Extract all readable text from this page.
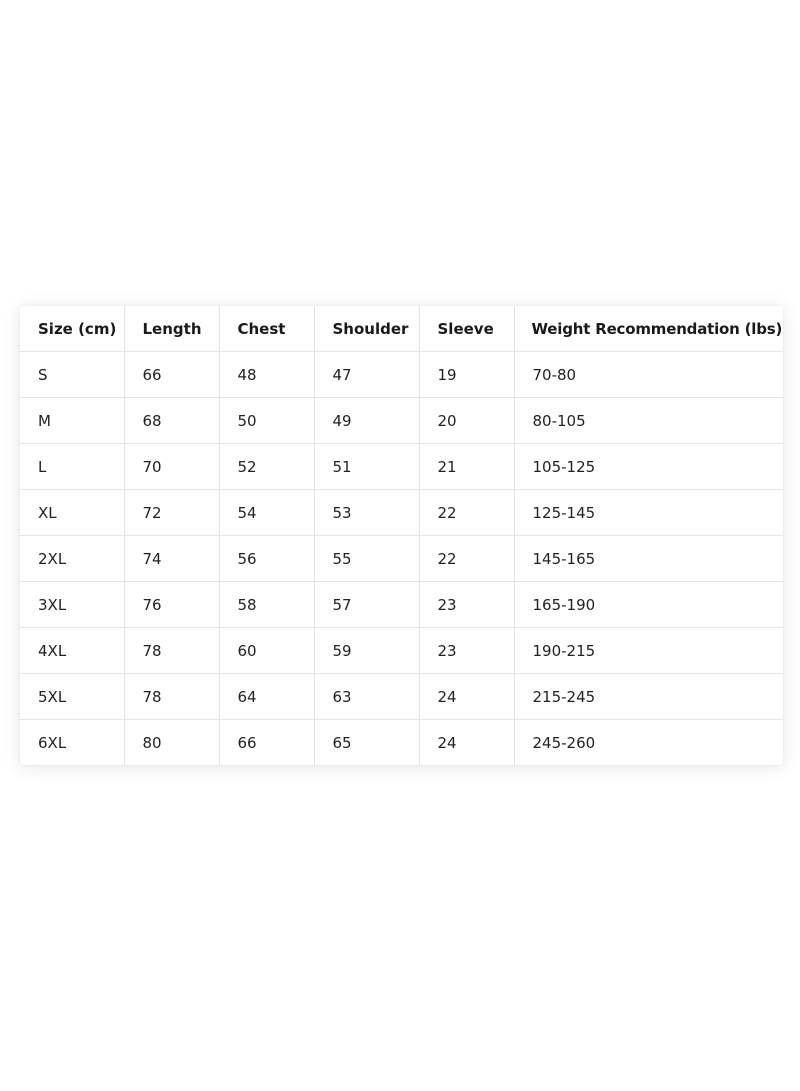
Size (cm)	Length	Chest	Shoulder	Sleeve	Weight Recommendation (lbs)
S	66	48	47	19	70-80
M	68	50	49	20	80-105
L	70	52	51	21	105-125
XL	72	54	53	22	125-145
2XL	74	56	55	22	145-165
3XL	76	58	57	23	165-190
4XL	78	60	59	23	190-215
5XL	78	64	63	24	215-245
6XL	80	66	65	24	245-260
